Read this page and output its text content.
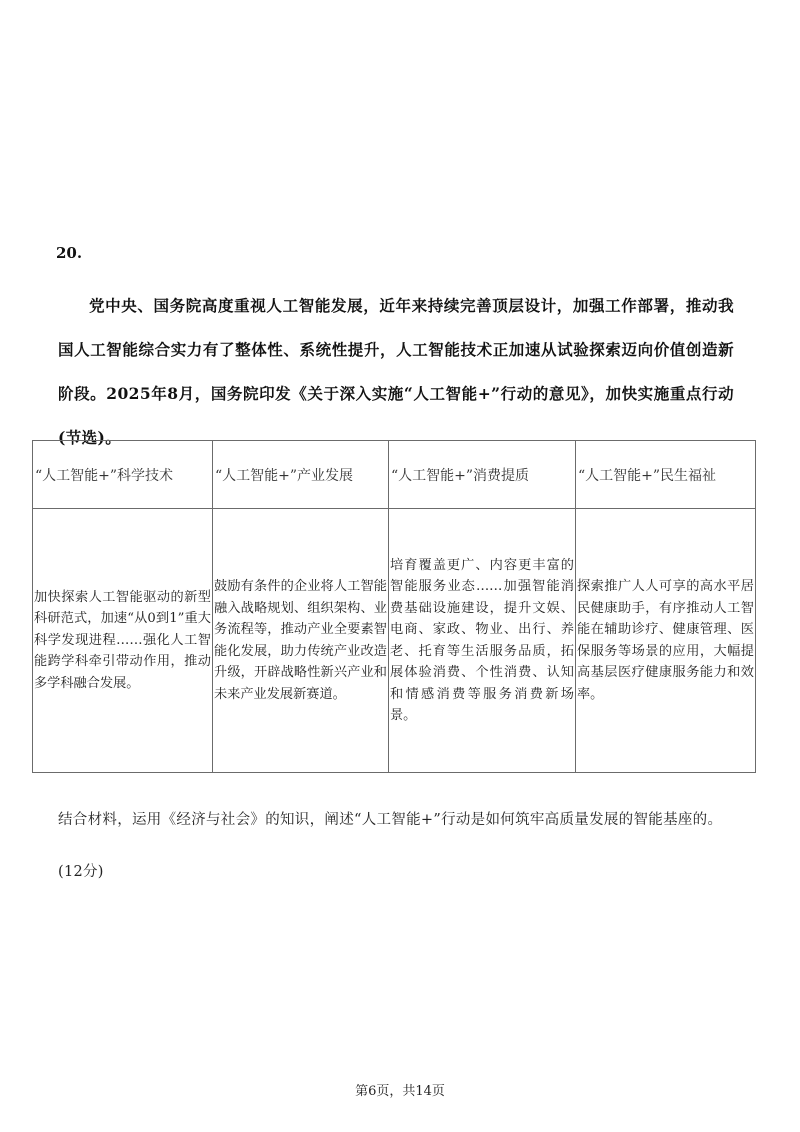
20.
党中央、国务院高度重视人工智能发展，近年来持续完善顶层设计，加强工作部署，推动我国人工智能综合实力有了整体性、系统性提升，人工智能技术正加速从试验探索迈向价值创造新阶段。2025年8月，国务院印发《关于深入实施“人工智能+”行动的意见》，加快实施重点行动(节选)。
“人工智能+”科学技术	“人工智能+”产业发展	“人工智能+”消费提质	“人工智能+”民生福祉
加快探索人工智能驱动的新型科研范式，加速“从0到1”重大科学发现进程……强化人工智能跨学科牵引带动作用，推动多学科融合发展。	鼓励有条件的企业将人工智能融入战略规划、组织架构、业务流程等，推动产业全要素智能化发展，助力传统产业改造升级，开辟战略性新兴产业和未来产业发展新赛道。	培育覆盖更广、内容更丰富的智能服务业态……加强智能消费基础设施建设，提升文娱、电商、家政、物业、出行、养老、托育等生活服务品质，拓展体验消费、个性消费、认知和情感消费等服务消费新场景。	探索推广人人可享的高水平居民健康助手，有序推动人工智能在辅助诊疗、健康管理、医保服务等场景的应用，大幅提高基层医疗健康服务能力和效率。
结合材料，运用《经济与社会》的知识，阐述“人工智能+”行动是如何筑牢高质量发展的智能基座的。(12分)
第6页，共14页
